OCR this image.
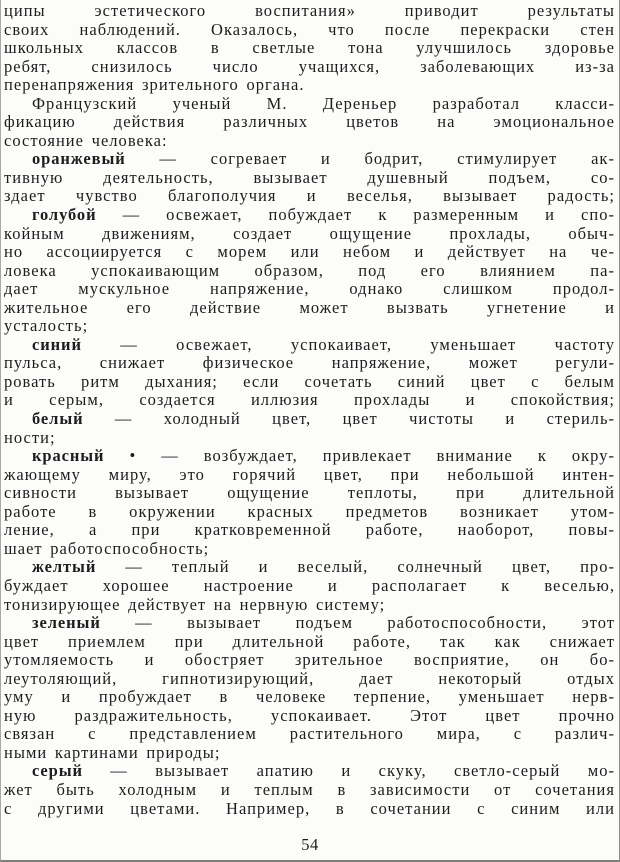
ципы эстетического воспитания» приводит результаты
своих наблюдений. Оказалось, что после перекраски стен
школьных классов в светлые тона улучшилось здоровье
ребят, снизилось число учащихся, заболевающих из-за
перенапряжения зрительного органа.
Французский ученый М. Дереньер разработал класси-
фикацию действия различных цветов на эмоциональное
состояние человека:
оранжевый — согревает и бодрит, стимулирует ак-
тивную деятельность, вызывает душевный подъем, со-
здает чувство благополучия и веселья, вызывает радость;
голубой — освежает, побуждает к размеренным и спо-
койным движениям, создает ощущение прохлады, обыч-
но ассоциируется с морем или небом и действует на че-
ловека успокаивающим образом, под его влиянием па-
дает мускульное напряжение, однако слишком продол-
жительное его действие может вызвать угнетение и
усталость;
синий — освежает, успокаивает, уменьшает частоту
пульса, снижает физическое напряжение, может регули-
ровать ритм дыхания; если сочетать синий цвет с белым
и серым, создается иллюзия прохлады и спокойствия;
белый — холодный цвет, цвет чистоты и стериль-
ности;
красный • — возбуждает, привлекает внимание к окру-
жающему миру, это горячий цвет, при небольшой интен-
сивности вызывает ощущение теплоты, при длительной
работе в окружении красных предметов возникает утом-
ление, а при кратковременной работе, наоборот, повы-
шает работоспособность;
желтый — теплый и веселый, солнечный цвет, про-
буждает хорошее настроение и располагает к веселью,
тонизирующее действует на нервную систему;
зеленый — вызывает подъем работоспособности, этот
цвет приемлем при длительной работе, так как снижает
утомляемость и обостряет зрительное восприятие, он бо-
леутоляющий, гипнотизирующий, дает некоторый отдых
уму и пробуждает в человеке терпение, уменьшает нерв-
ную раздражительность, успокаивает. Этот цвет прочно
связан с представлением растительного мира, с различ-
ными картинами природы;
серый — вызывает апатию и скуку, светло-серый мо-
жет быть холодным и теплым в зависимости от сочетания
с другими цветами. Например, в сочетании с синим или
54
